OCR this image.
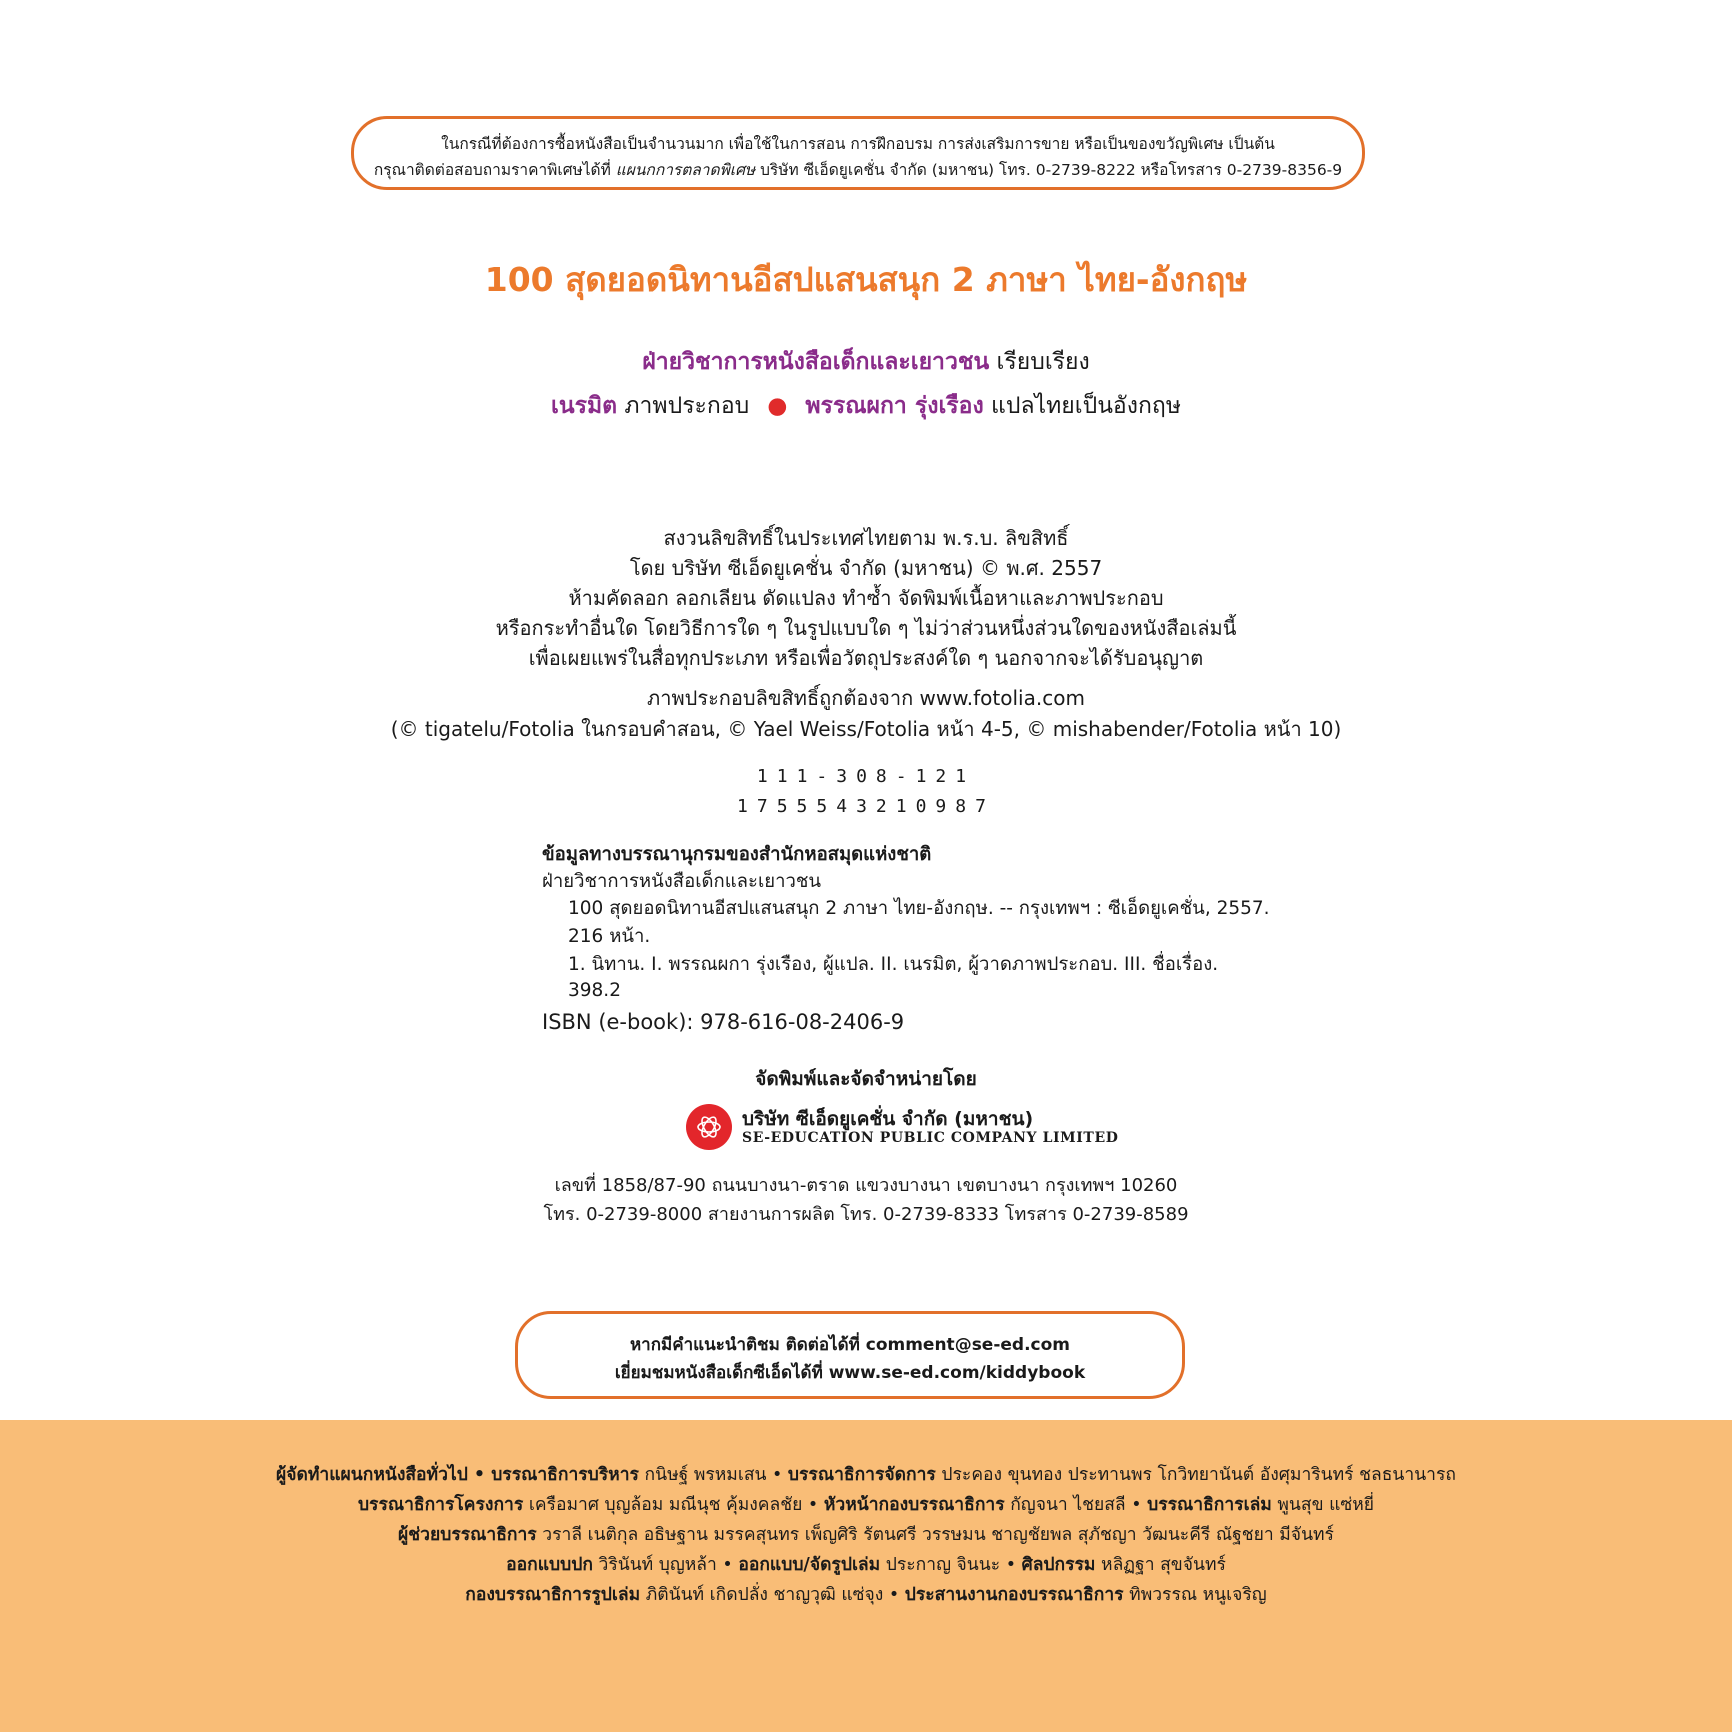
ในกรณีที่ต้องการซื้อหนังสือเป็นจำนวนมาก เพื่อใช้ในการสอน การฝึกอบรม การส่งเสริมการขาย หรือเป็นของขวัญพิเศษ เป็นต้น
กรุณาติดต่อสอบถามราคาพิเศษได้ที่ แผนกการตลาดพิเศษ บริษัท ซีเอ็ดยูเคชั่น จำกัด (มหาชน) โทร. 0-2739-8222 หรือโทรสาร 0-2739-8356-9
100 สุดยอดนิทานอีสปแสนสนุก 2 ภาษา ไทย-อังกฤษ
ฝ่ายวิชาการหนังสือเด็กและเยาวชน เรียบเรียง
เนรมิต ภาพประกอบ ● พรรณผกา รุ่งเรือง แปลไทยเป็นอังกฤษ
สงวนลิขสิทธิ์ในประเทศไทยตาม พ.ร.บ. ลิขสิทธิ์
โดย บริษัท ซีเอ็ดยูเคชั่น จำกัด (มหาชน) © พ.ศ. 2557
ห้ามคัดลอก ลอกเลียน ดัดแปลง ทำซ้ำ จัดพิมพ์เนื้อหาและภาพประกอบ
หรือกระทำอื่นใด โดยวิธีการใด ๆ ในรูปแบบใด ๆ ไม่ว่าส่วนหนึ่งส่วนใดของหนังสือเล่มนี้
เพื่อเผยแพร่ในสื่อทุกประเภท หรือเพื่อวัตถุประสงค์ใด ๆ นอกจากจะได้รับอนุญาต
ภาพประกอบลิขสิทธิ์ถูกต้องจาก www.fotolia.com
(© tigatelu/Fotolia ในกรอบคำสอน, © Yael Weiss/Fotolia หน้า 4-5, © mishabender/Fotolia หน้า 10)
111-308-121
1755543210987
ข้อมูลทางบรรณานุกรมของสำนักหอสมุดแห่งชาติ
ฝ่ายวิชาการหนังสือเด็กและเยาวชน
100 สุดยอดนิทานอีสปแสนสนุก 2 ภาษา ไทย-อังกฤษ. -- กรุงเทพฯ : ซีเอ็ดยูเคชั่น, 2557.
216 หน้า.
1. นิทาน. I. พรรณผกา รุ่งเรือง, ผู้แปล. II. เนรมิต, ผู้วาดภาพประกอบ. III. ชื่อเรื่อง.
398.2
ISBN (e-book): 978-616-08-2406-9
จัดพิมพ์และจัดจำหน่ายโดย
บริษัท ซีเอ็ดยูเคชั่น จำกัด (มหาชน)
SE-EDUCATION PUBLIC COMPANY LIMITED
เลขที่ 1858/87-90 ถนนบางนา-ตราด แขวงบางนา เขตบางนา กรุงเทพฯ 10260
โทร. 0-2739-8000 สายงานการผลิต โทร. 0-2739-8333 โทรสาร 0-2739-8589
หากมีคำแนะนำติชม ติดต่อได้ที่ comment@se-ed.com
เยี่ยมชมหนังสือเด็กซีเอ็ดได้ที่ www.se-ed.com/kiddybook
ผู้จัดทำแผนกหนังสือทั่วไป • บรรณาธิการบริหาร กนิษฐ์ พรหมเสน • บรรณาธิการจัดการ ประคอง ขุนทอง ประทานพร โกวิทยานันต์ อังศุมารินทร์ ชลธนานารถ
บรรณาธิการโครงการ เครือมาศ บุญล้อม มณีนุช คุ้มงคลชัย • หัวหน้ากองบรรณาธิการ กัญจนา ไชยสลี • บรรณาธิการเล่ม พูนสุข แซ่หยี่
ผู้ช่วยบรรณาธิการ วราลี เนติกุล อธิษฐาน มรรคสุนทร เพ็ญศิริ รัตนศรี วรรษมน ชาญชัยพล สุภัชญา วัฒนะคีรี ณัฐชยา มีจันทร์
ออกแบบปก วิรินันท์ บุญหล้า • ออกแบบ/จัดรูปเล่ม ประกาญ จินนะ • ศิลปกรรม หลิฏฐา สุขจันทร์
กองบรรณาธิการรูปเล่ม ภิตินันท์ เกิดปลั่ง ชาญวุฒิ แซ่จุง • ประสานงานกองบรรณาธิการ ทิพวรรณ หนูเจริญ
